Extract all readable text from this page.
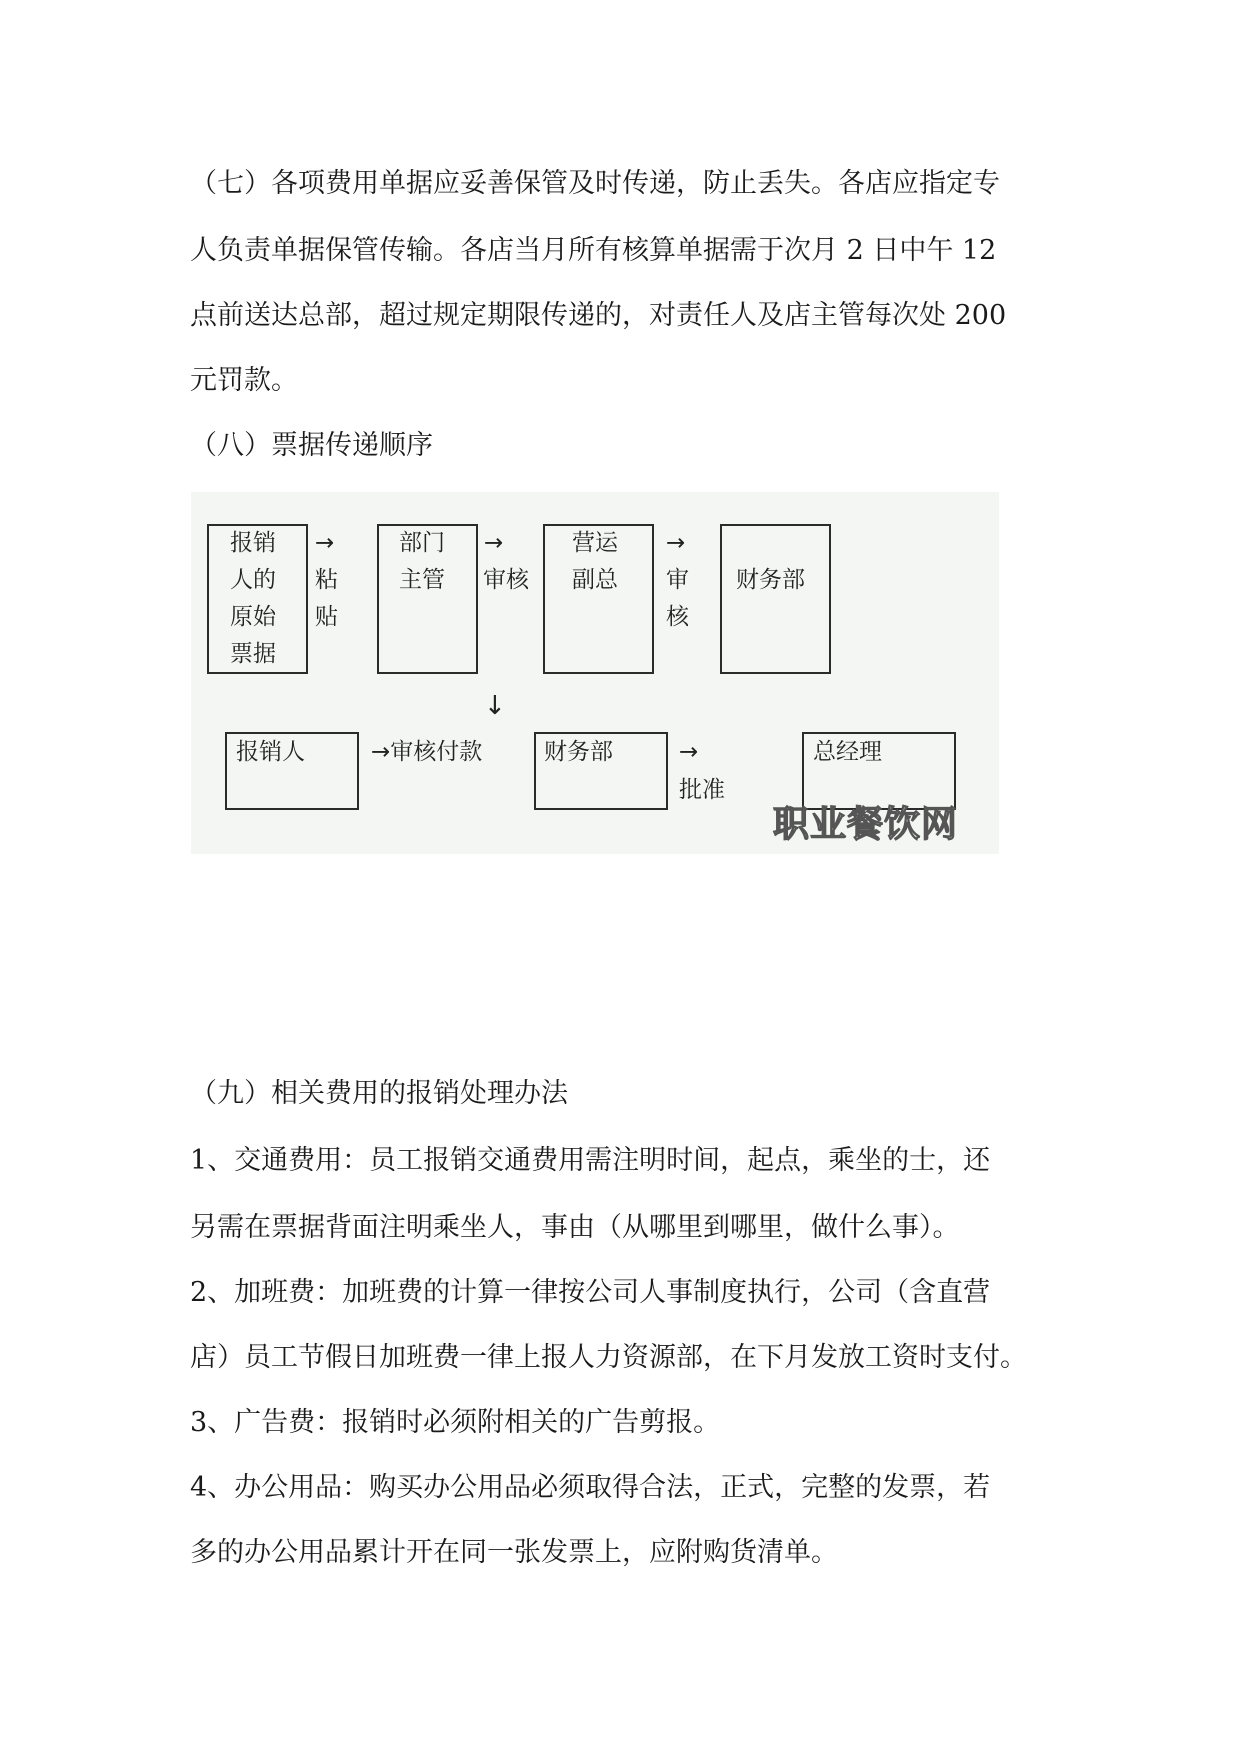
（七）各项费用单据应妥善保管及时传递，防止丢失。各店应指定专
人负责单据保管传输。各店当月所有核算单据需于次月 2 日中午 12
点前送达总部，超过规定期限传递的，对责任人及店主管每次处 200
元罚款。
（八）票据传递顺序
报销
人的
原始
票据
→
粘
贴
部门
主管
→
审核
营运
副总
→
审
核
财务部
↓
报销人	→审核付款	财务部	→
批准
总经理
职业餐饮网
（九）相关费用的报销处理办法
1、交通费用：员工报销交通费用需注明时间，起点，乘坐的士，还
另需在票据背面注明乘坐人，事由（从哪里到哪里，做什么事）。
2、加班费：加班费的计算一律按公司人事制度执行，公司（含直营
店）员工节假日加班费一律上报人力资源部，在下月发放工资时支付。
3、广告费：报销时必须附相关的广告剪报。
4、办公用品：购买办公用品必须取得合法，正式，完整的发票，若
多的办公用品累计开在同一张发票上，应附购货清单。
